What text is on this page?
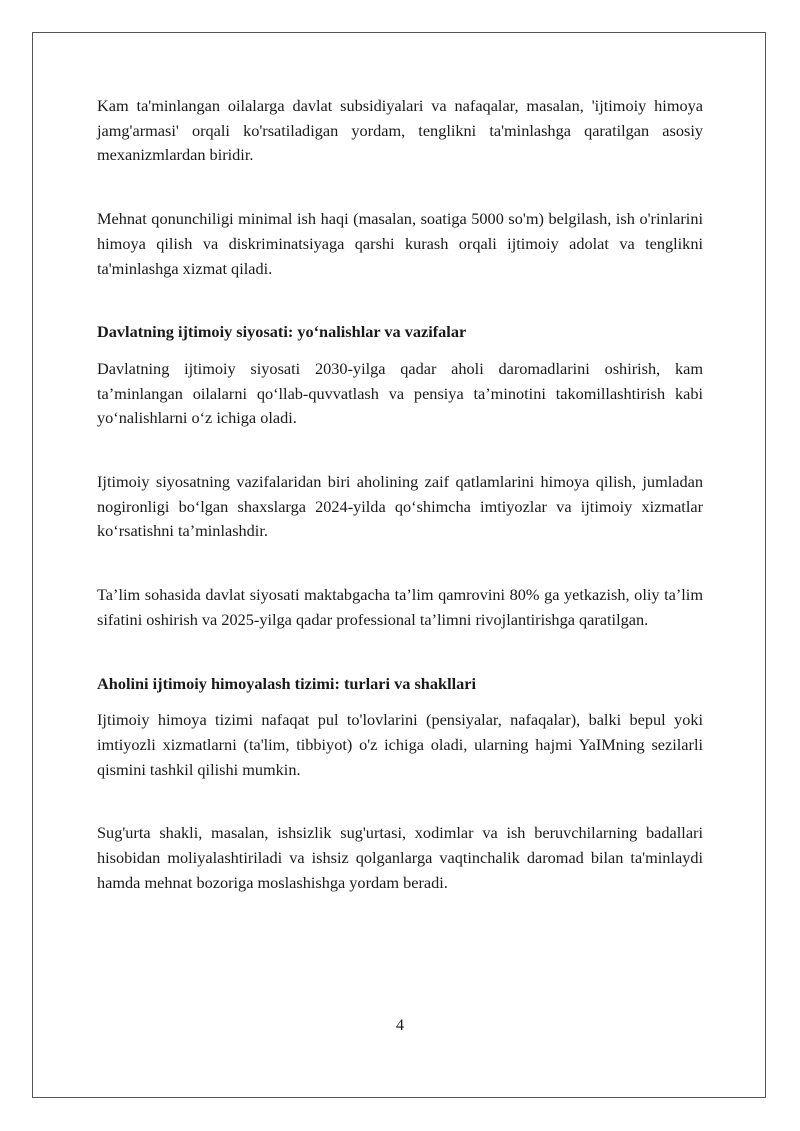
Kam ta'minlangan oilalarga davlat subsidiyalari va nafaqalar, masalan, 'ijtimoiy himoya jamg'armasi' orqali ko'rsatiladigan yordam, tenglikni ta'minlashga qaratilgan asosiy mexanizmlardan biridir.

Mehnat qonunchiligi minimal ish haqi (masalan, soatiga 5000 so'm) belgilash, ish o'rinlarini himoya qilish va diskriminatsiyaga qarshi kurash orqali ijtimoiy adolat va tenglikni ta'minlashga xizmat qiladi.

Davlatning ijtimoiy siyosati: yo‘nalishlar va vazifalar

Davlatning ijtimoiy siyosati 2030-yilga qadar aholi daromadlarini oshirish, kam ta’minlangan oilalarni qo‘llab-quvvatlash va pensiya ta’minotini takomillashtirish kabi yo‘nalishlarni o‘z ichiga oladi.

Ijtimoiy siyosatning vazifalaridan biri aholining zaif qatlamlarini himoya qilish, jumladan nogironligi bo‘lgan shaxslarga 2024-yilda qo‘shimcha imtiyozlar va ijtimoiy xizmatlar ko‘rsatishni ta’minlashdir.

Ta’lim sohasida davlat siyosati maktabgacha ta’lim qamrovini 80% ga yetkazish, oliy ta’lim sifatini oshirish va 2025-yilga qadar professional ta’limni rivojlantirishga qaratilgan.

Aholini ijtimoiy himoyalash tizimi: turlari va shakllari

Ijtimoiy himoya tizimi nafaqat pul to'lovlarini (pensiyalar, nafaqalar), balki bepul yoki imtiyozli xizmatlarni (ta'lim, tibbiyot) o'z ichiga oladi, ularning hajmi YaIMning sezilarli qismini tashkil qilishi mumkin.

Sug'urta shakli, masalan, ishsizlik sug'urtasi, xodimlar va ish beruvchilarning badallari hisobidan moliyalashtiriladi va ishsiz qolganlarga vaqtinchalik daromad bilan ta'minlaydi hamda mehnat bozoriga moslashishga yordam beradi.

4
